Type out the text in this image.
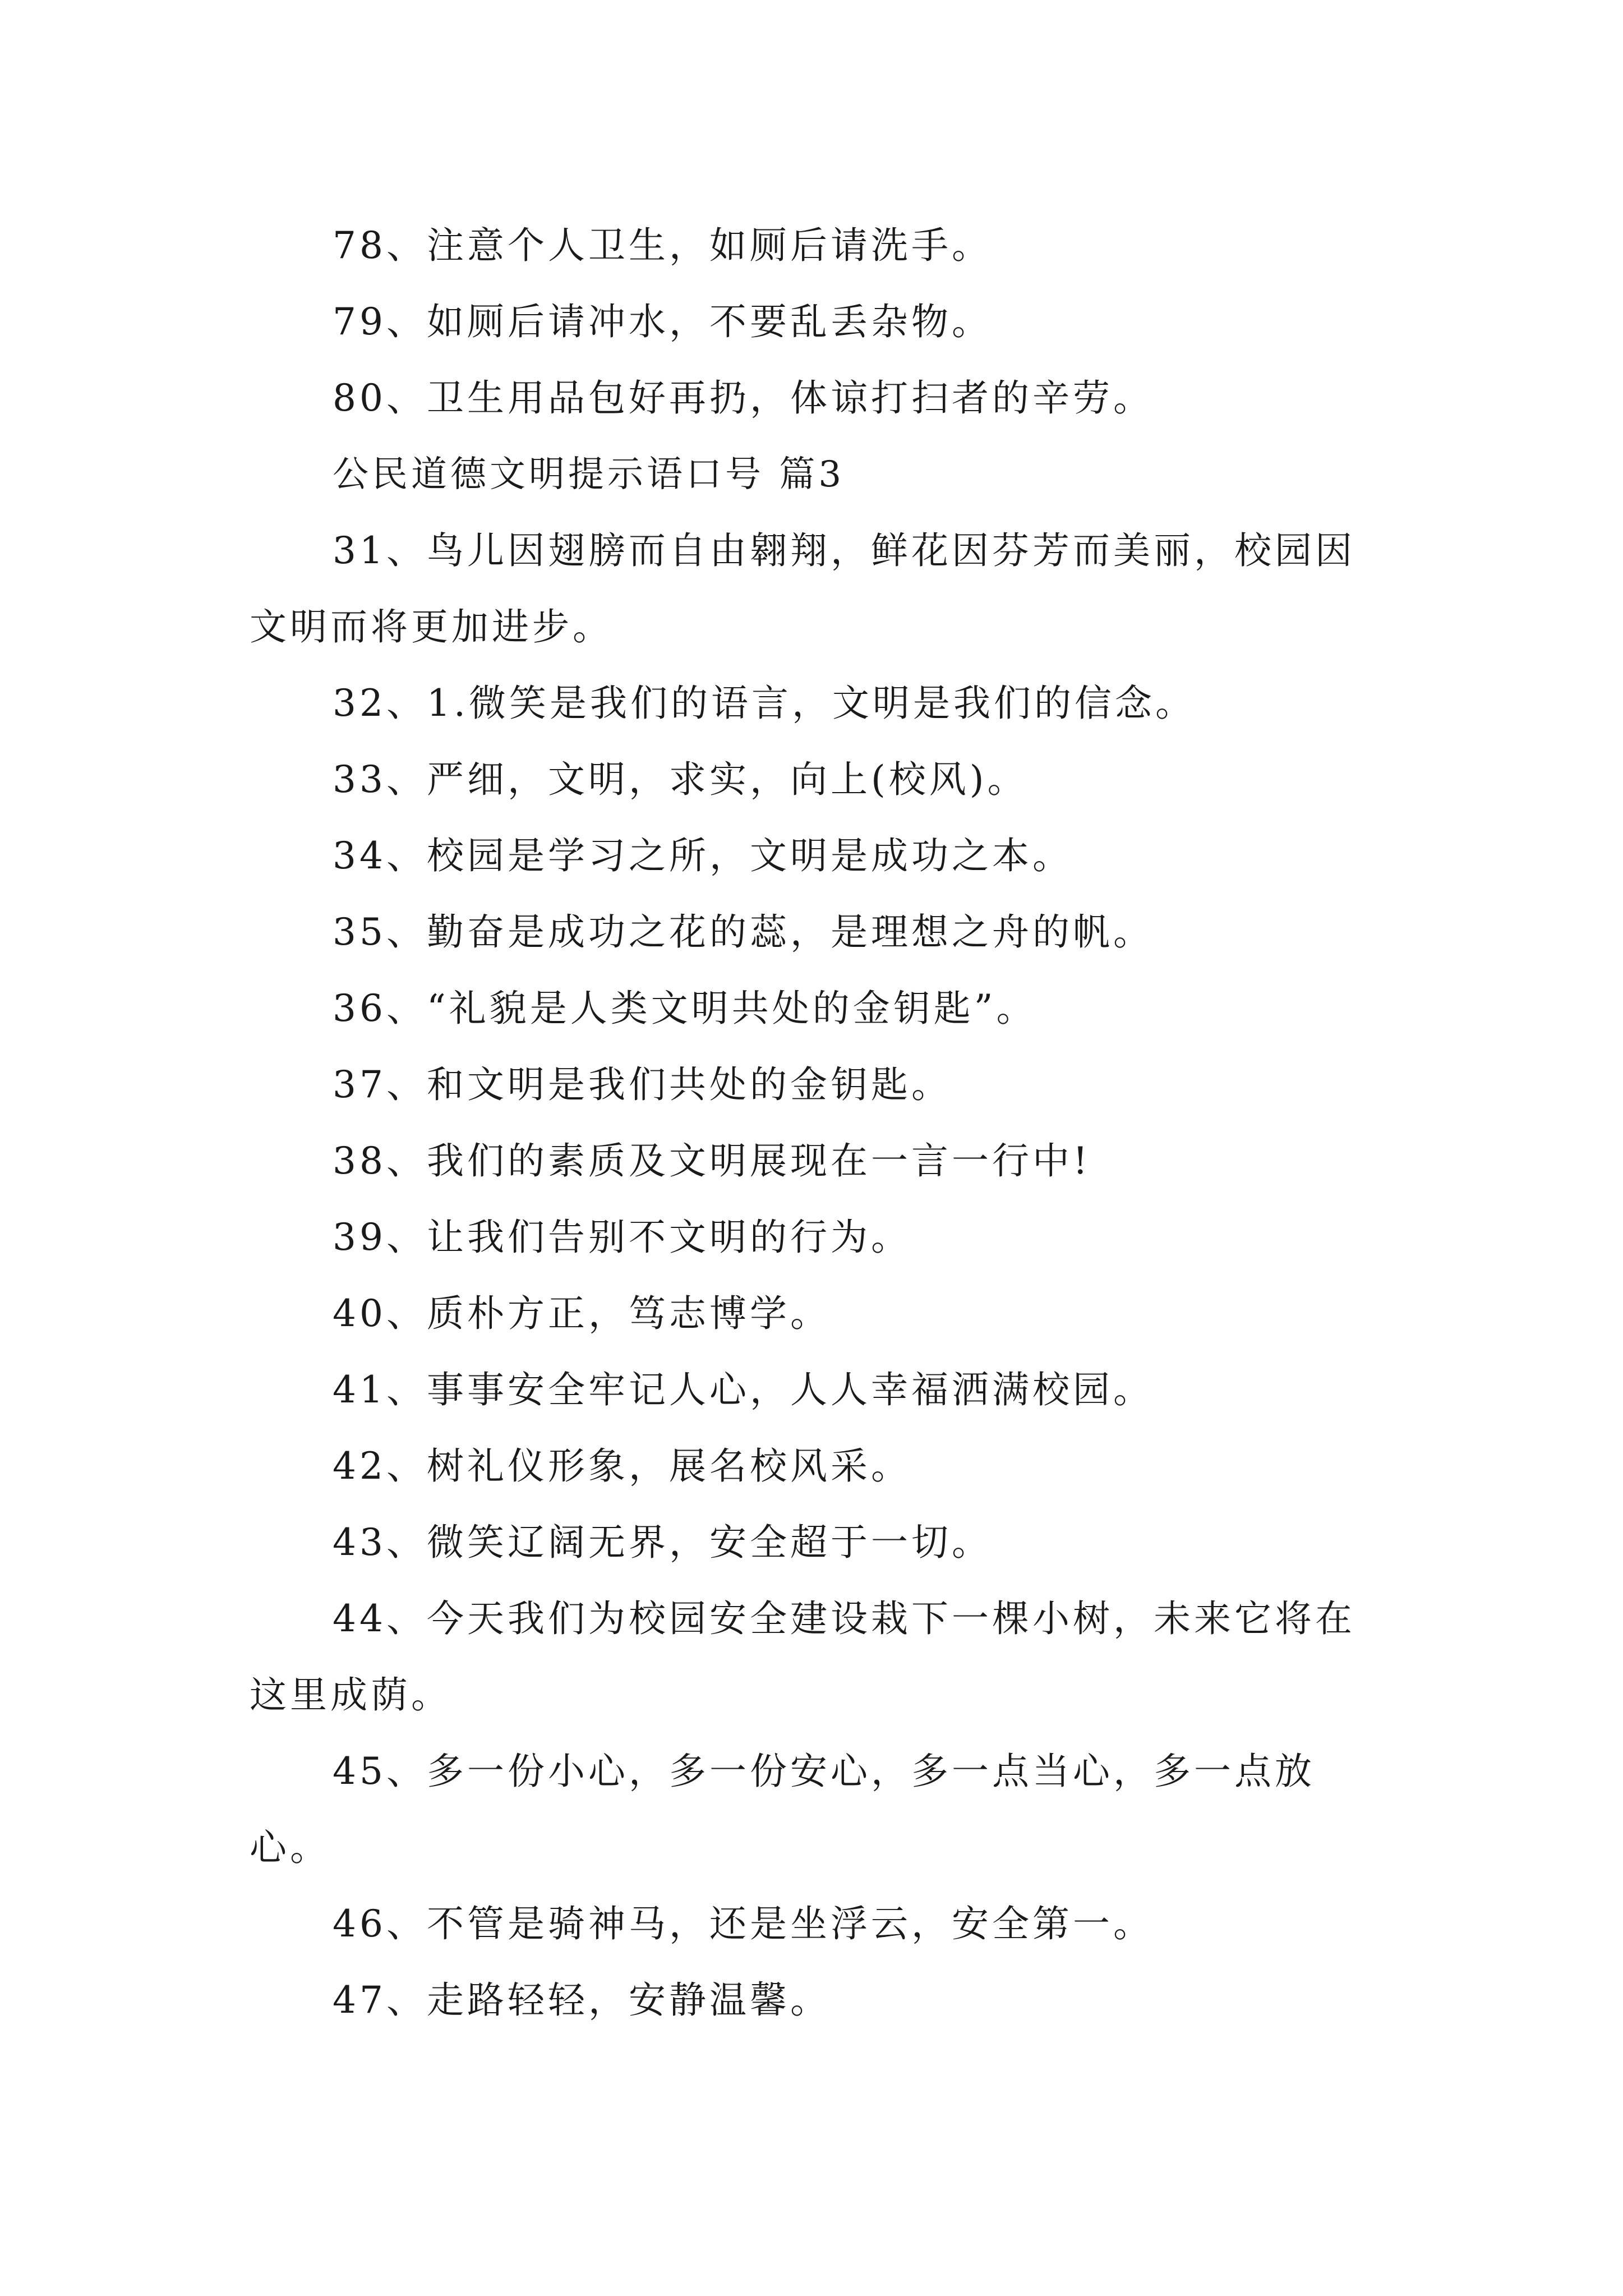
78、注意个人卫生，如厕后请洗手。

79、如厕后请冲水，不要乱丢杂物。

80、卫生用品包好再扔，体谅打扫者的辛劳。

公民道德文明提示语口号 篇3

31、鸟儿因翅膀而自由翱翔，鲜花因芬芳而美丽，校园因文明而将更加进步。

32、1.微笑是我们的语言，文明是我们的信念。

33、严细，文明，求实，向上(校风)。

34、校园是学习之所，文明是成功之本。

35、勤奋是成功之花的蕊，是理想之舟的帆。

36、“礼貌是人类文明共处的金钥匙”。

37、和文明是我们共处的金钥匙。

38、我们的素质及文明展现在一言一行中!

39、让我们告别不文明的行为。

40、质朴方正，笃志博学。

41、事事安全牢记人心，人人幸福洒满校园。

42、树礼仪形象，展名校风采。

43、微笑辽阔无界，安全超于一切。

44、今天我们为校园安全建设栽下一棵小树，未来它将在这里成荫。

45、多一份小心，多一份安心，多一点当心，多一点放心。

46、不管是骑神马，还是坐浮云，安全第一。

47、走路轻轻，安静温馨。
